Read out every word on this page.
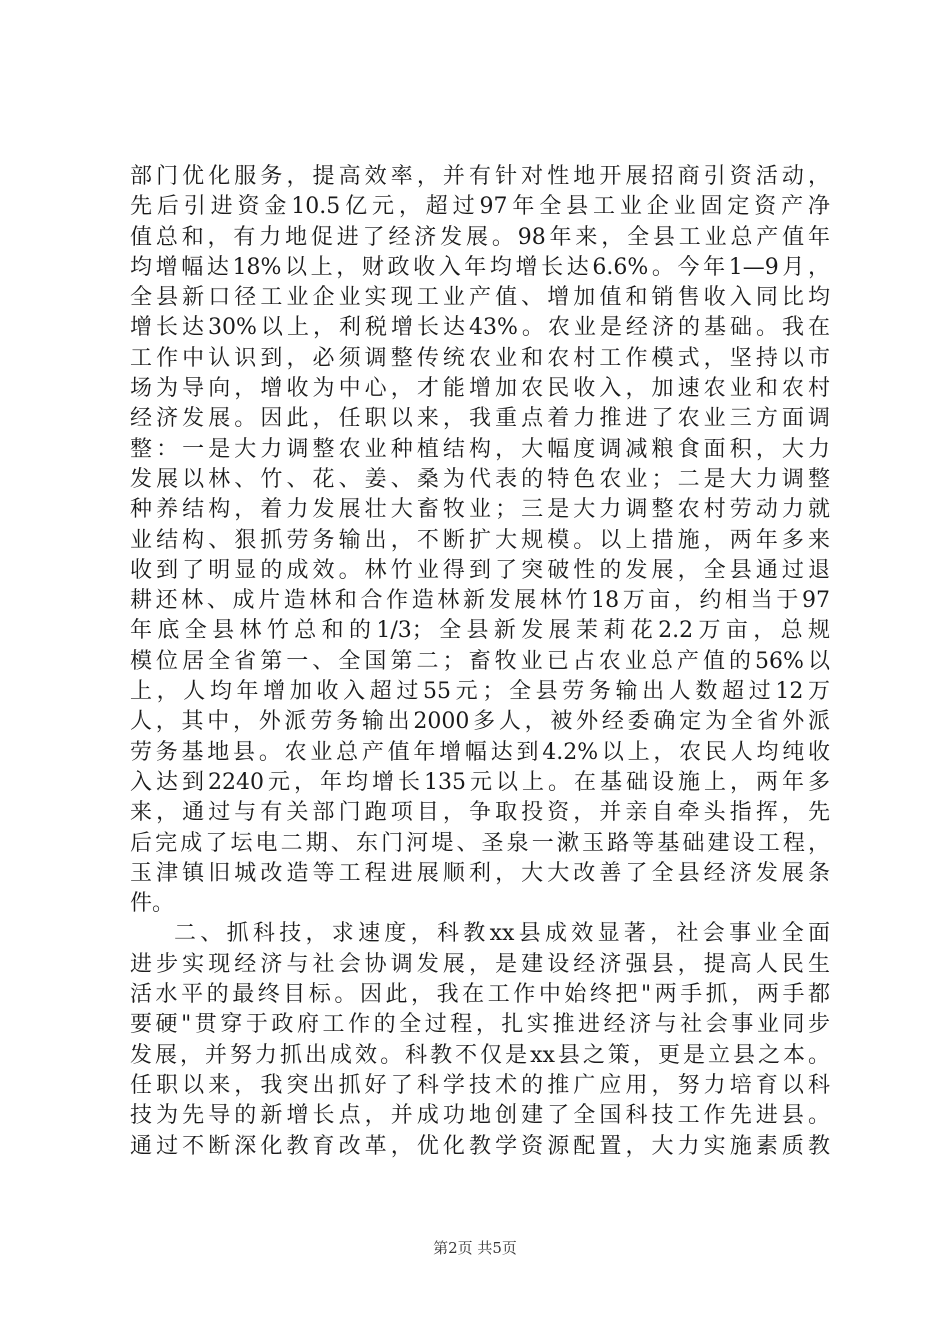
部门优化服务，提高效率，并有针对性地开展招商引资活动，
先后引进资金10.5亿元，超过97年全县工业企业固定资产净
值总和，有力地促进了经济发展。98年来，全县工业总产值年
均增幅达18%以上，财政收入年均增长达6.6%。今年1—9月，
全县新口径工业企业实现工业产值、增加值和销售收入同比均
增长达30%以上，利税增长达43%。农业是经济的基础。我在
工作中认识到，必须调整传统农业和农村工作模式，坚持以市
场为导向，增收为中心，才能增加农民收入，加速农业和农村
经济发展。因此，任职以来，我重点着力推进了农业三方面调
整：一是大力调整农业种植结构，大幅度调减粮食面积，大力
发展以林、竹、花、姜、桑为代表的特色农业；二是大力调整
种养结构，着力发展壮大畜牧业；三是大力调整农村劳动力就
业结构、狠抓劳务输出，不断扩大规模。以上措施，两年多来
收到了明显的成效。林竹业得到了突破性的发展，全县通过退
耕还林、成片造林和合作造林新发展林竹18万亩，约相当于97
年底全县林竹总和的1/3；全县新发展茉莉花2.2万亩，总规
模位居全省第一、全国第二；畜牧业已占农业总产值的56%以
上，人均年增加收入超过55元；全县劳务输出人数超过12万
人，其中，外派劳务输出2000多人，被外经委确定为全省外派
劳务基地县。农业总产值年增幅达到4.2%以上，农民人均纯收
入达到2240元，年均增长135元以上。在基础设施上，两年多
来，通过与有关部门跑项目，争取投资，并亲自牵头指挥，先
后完成了坛电二期、东门河堤、圣泉一漱玉路等基础建设工程，
玉津镇旧城改造等工程进展顺利，大大改善了全县经济发展条
件。
二、抓科技，求速度，科教xx县成效显著，社会事业全面
进步实现经济与社会协调发展，是建设经济强县，提高人民生
活水平的最终目标。因此，我在工作中始终把"两手抓，两手都
要硬"贯穿于政府工作的全过程，扎实推进经济与社会事业同步
发展，并努力抓出成效。科教不仅是xx县之策，更是立县之本。
任职以来，我突出抓好了科学技术的推广应用，努力培育以科
技为先导的新增长点，并成功地创建了全国科技工作先进县。
通过不断深化教育改革，优化教学资源配置，大力实施素质教
第2页 共5页
